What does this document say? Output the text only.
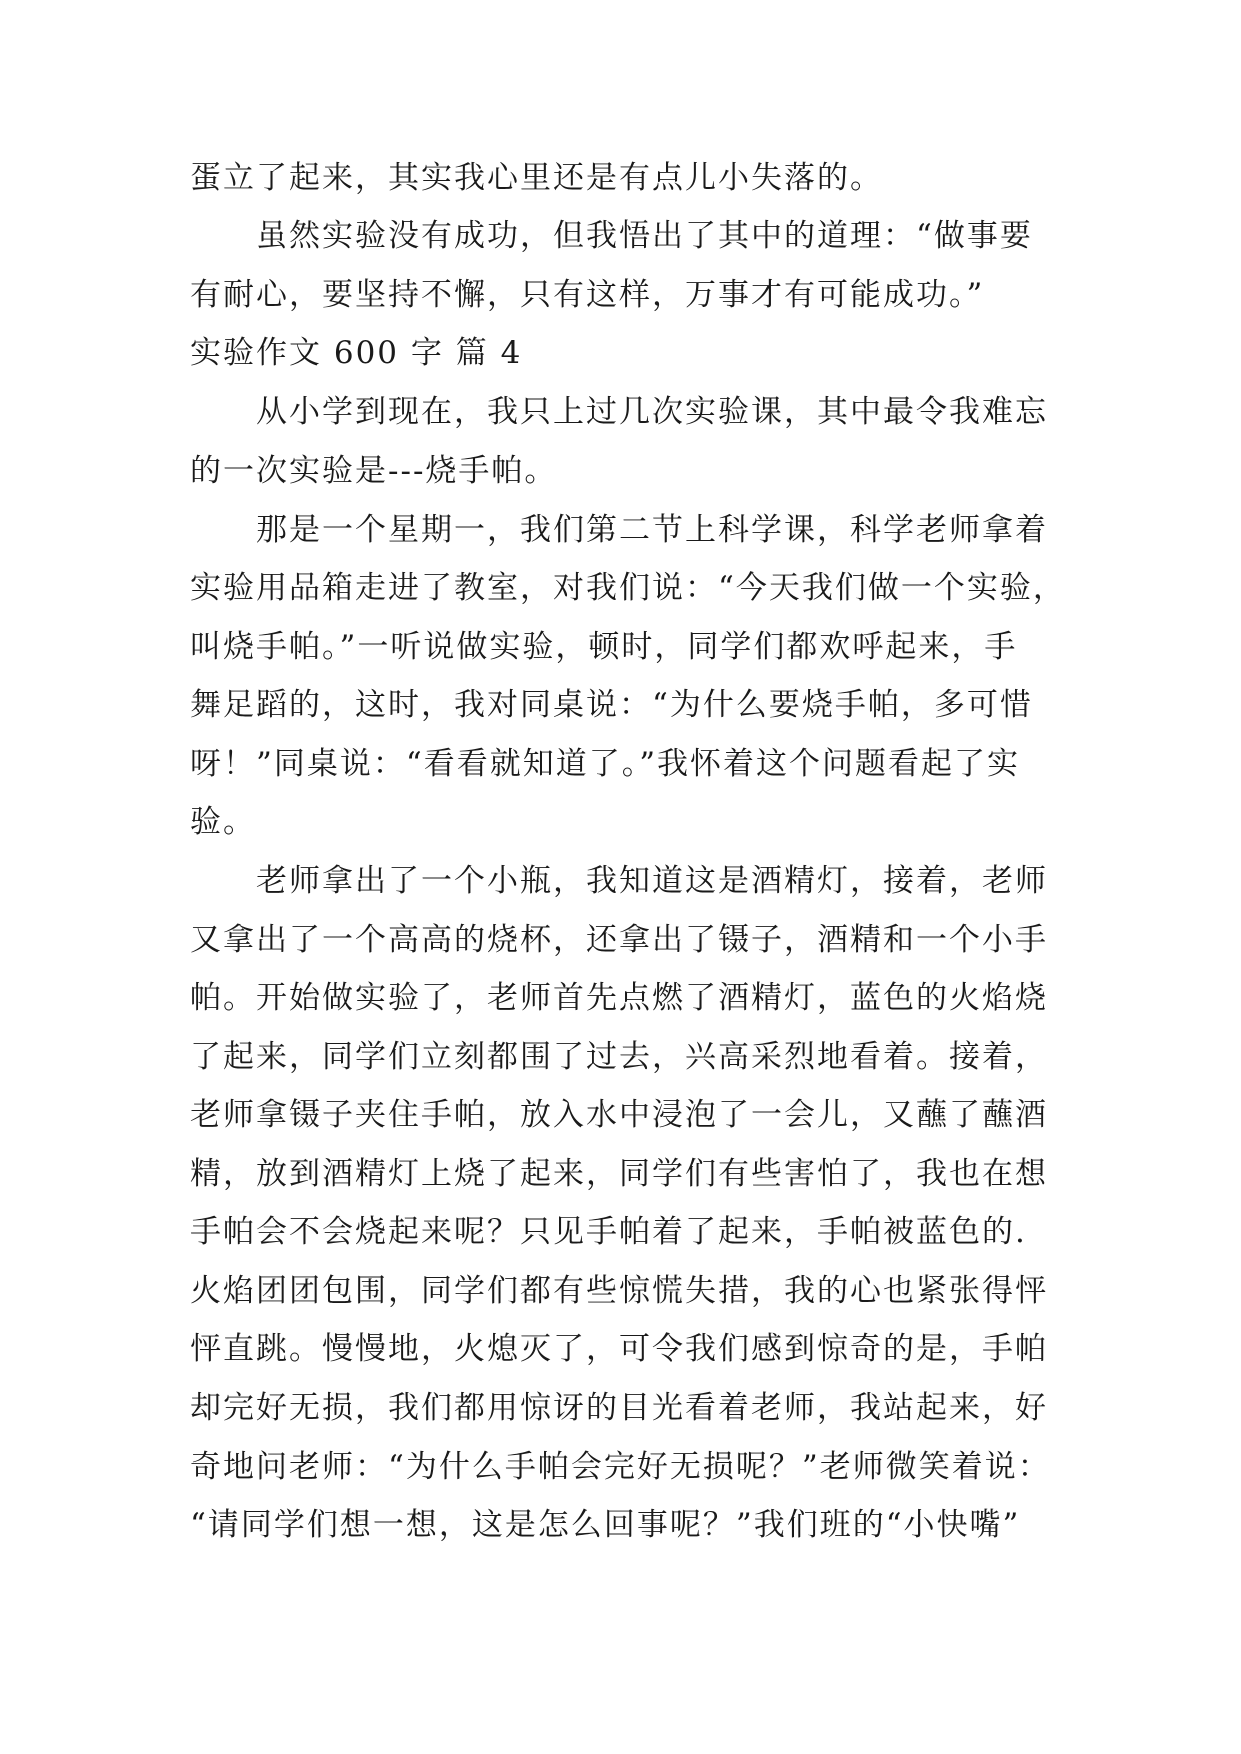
蛋立了起来，其实我心里还是有点儿小失落的。
　　虽然实验没有成功，但我悟出了其中的道理：“做事要
有耐心，要坚持不懈，只有这样，万事才有可能成功。”
实验作文 600 字 篇 4
　　从小学到现在，我只上过几次实验课，其中最令我难忘
的一次实验是---烧手帕。
　　那是一个星期一，我们第二节上科学课，科学老师拿着
实验用品箱走进了教室，对我们说：“今天我们做一个实验，
叫烧手帕。”一听说做实验，顿时，同学们都欢呼起来，手
舞足蹈的，这时，我对同桌说：“为什么要烧手帕，多可惜
呀！”同桌说：“看看就知道了。”我怀着这个问题看起了实
验。
　　老师拿出了一个小瓶，我知道这是酒精灯，接着，老师
又拿出了一个高高的烧杯，还拿出了镊子，酒精和一个小手
帕。开始做实验了，老师首先点燃了酒精灯，蓝色的火焰烧
了起来，同学们立刻都围了过去，兴高采烈地看着。接着，
老师拿镊子夹住手帕，放入水中浸泡了一会儿，又蘸了蘸酒
精，放到酒精灯上烧了起来，同学们有些害怕了，我也在想
手帕会不会烧起来呢？只见手帕着了起来，手帕被蓝色的.
火焰团团包围，同学们都有些惊慌失措，我的心也紧张得怦
怦直跳。慢慢地，火熄灭了，可令我们感到惊奇的是，手帕
却完好无损，我们都用惊讶的目光看着老师，我站起来，好
奇地问老师：“为什么手帕会完好无损呢？”老师微笑着说：
“请同学们想一想，这是怎么回事呢？”我们班的“小快嘴”
